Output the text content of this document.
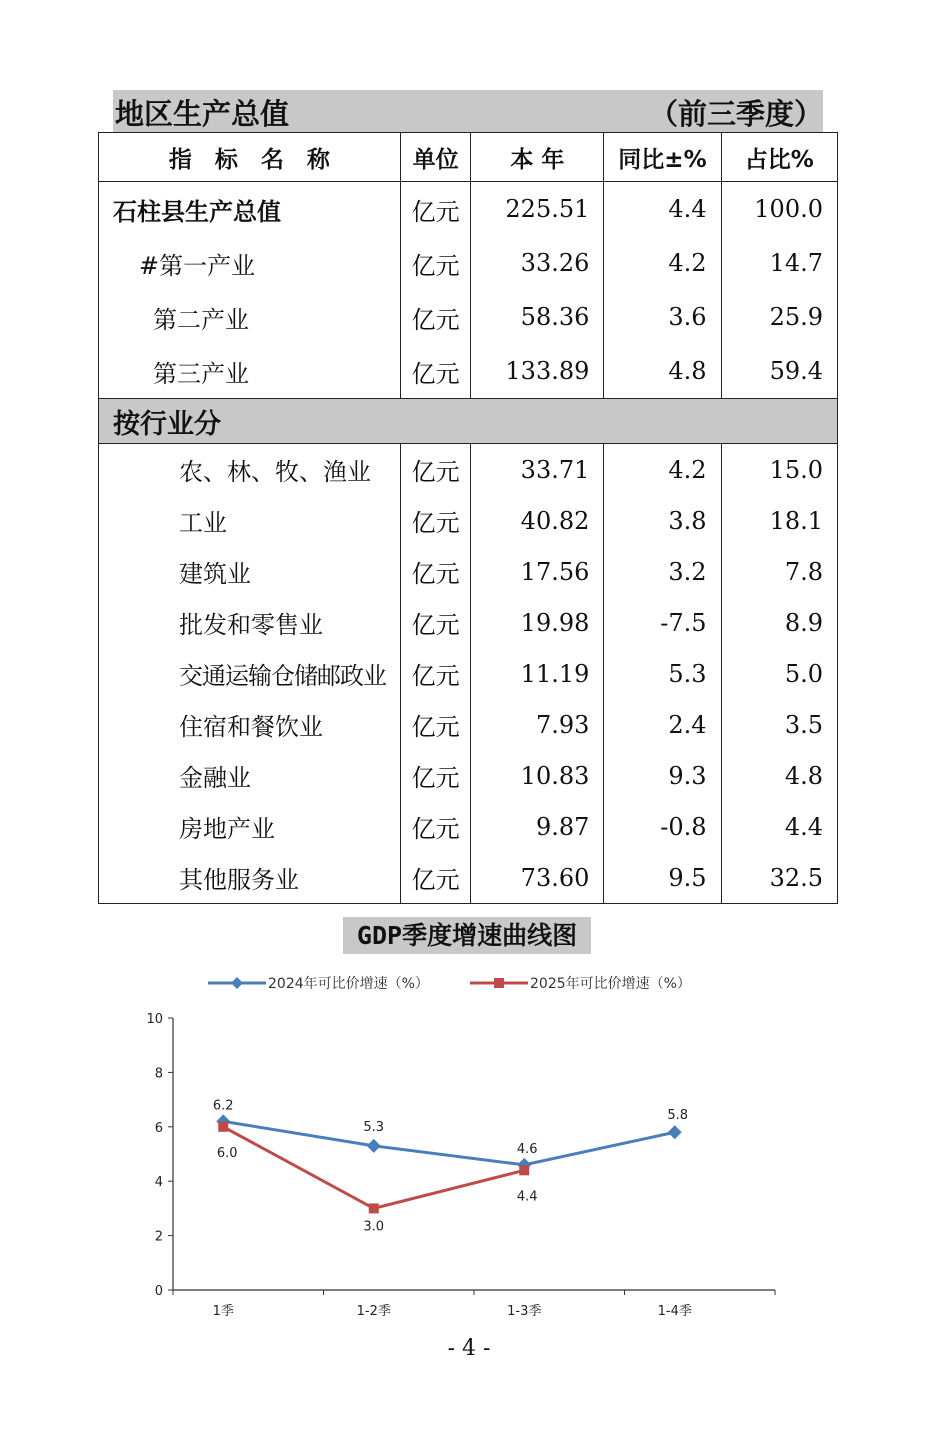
地区生产总值	（前三季度）
指　标　名　称	单位	本 年	同比±%	占比%
石柱县生产总值	亿元	225.51	4.4	100.0
#第一产业	亿元	33.26	4.2	14.7
第二产业	亿元	58.36	3.6	25.9
第三产业	亿元	133.89	4.8	59.4
按行业分				
农、林、牧、渔业	亿元	33.71	4.2	15.0
工业	亿元	40.82	3.8	18.1
建筑业	亿元	17.56	3.2	7.8
批发和零售业	亿元	19.98	-7.5	8.9
交通运输仓储邮政业	亿元	11.19	5.3	5.0
住宿和餐饮业	亿元	7.93	2.4	3.5
金融业	亿元	10.83	9.3	4.8
房地产业	亿元	9.87	-0.8	4.4
其他服务业	亿元	73.60	9.5	32.5
GDP季度增速曲线图
0
2
4
6
8
10
1季	1-2季	1-3季	1-4季
2024年可比价增速（%）	2025年可比价增速（%）
6.2
5.3
4.6
5.8
6.0
3.0
4.4
- 4 -
